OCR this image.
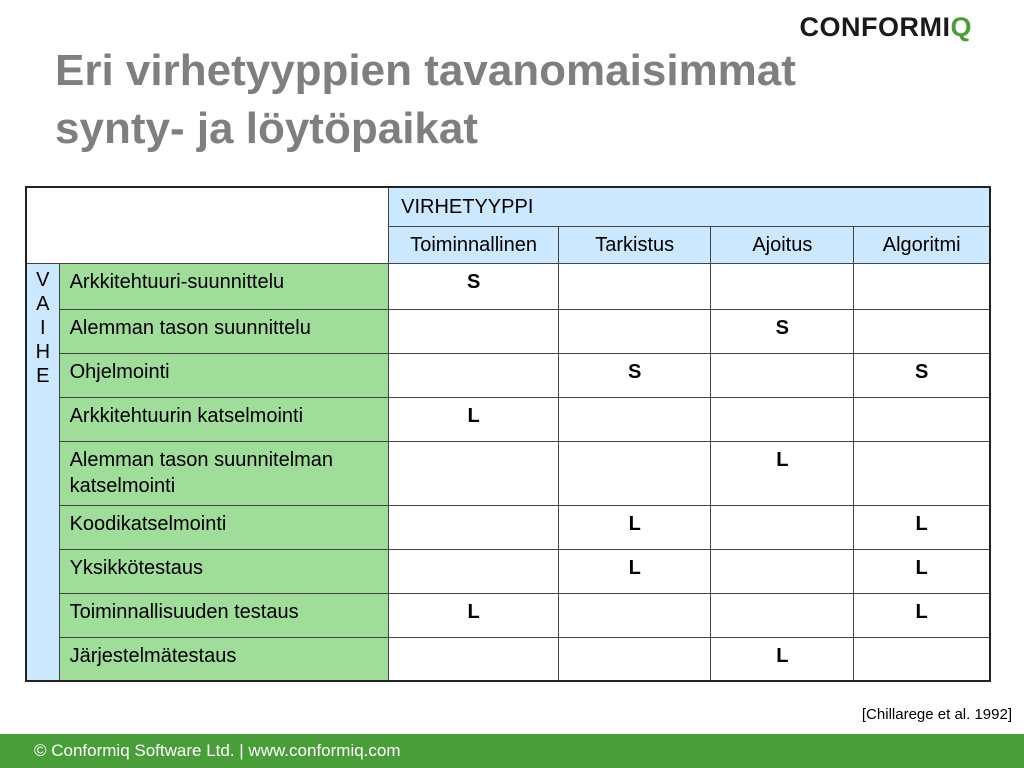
CONFORMIQ
Eri virhetyyppien tavanomaisimmat
synty- ja löytöpaikat
		VIRHETYYPPI			
		Toiminnallinen	Tarkistus	Ajoitus	Algoritmi

V
A
I
H
E	Arkkitehtuuri-suunnittelu	S			
	Alemman tason suunnittelu			S	
	Ohjelmointi		S		S
	Arkkitehtuurin katselmointi	L			
	Alemman tason suunnitelman katselmointi			L	
	Koodikatselmointi		L		L
	Yksikkötestaus		L		L
	Toiminnallisuuden testaus	L			L
	Järjestelmätestaus			L	
[Chillarege et al. 1992]
© Conformiq Software Ltd. | www.conformiq.com
